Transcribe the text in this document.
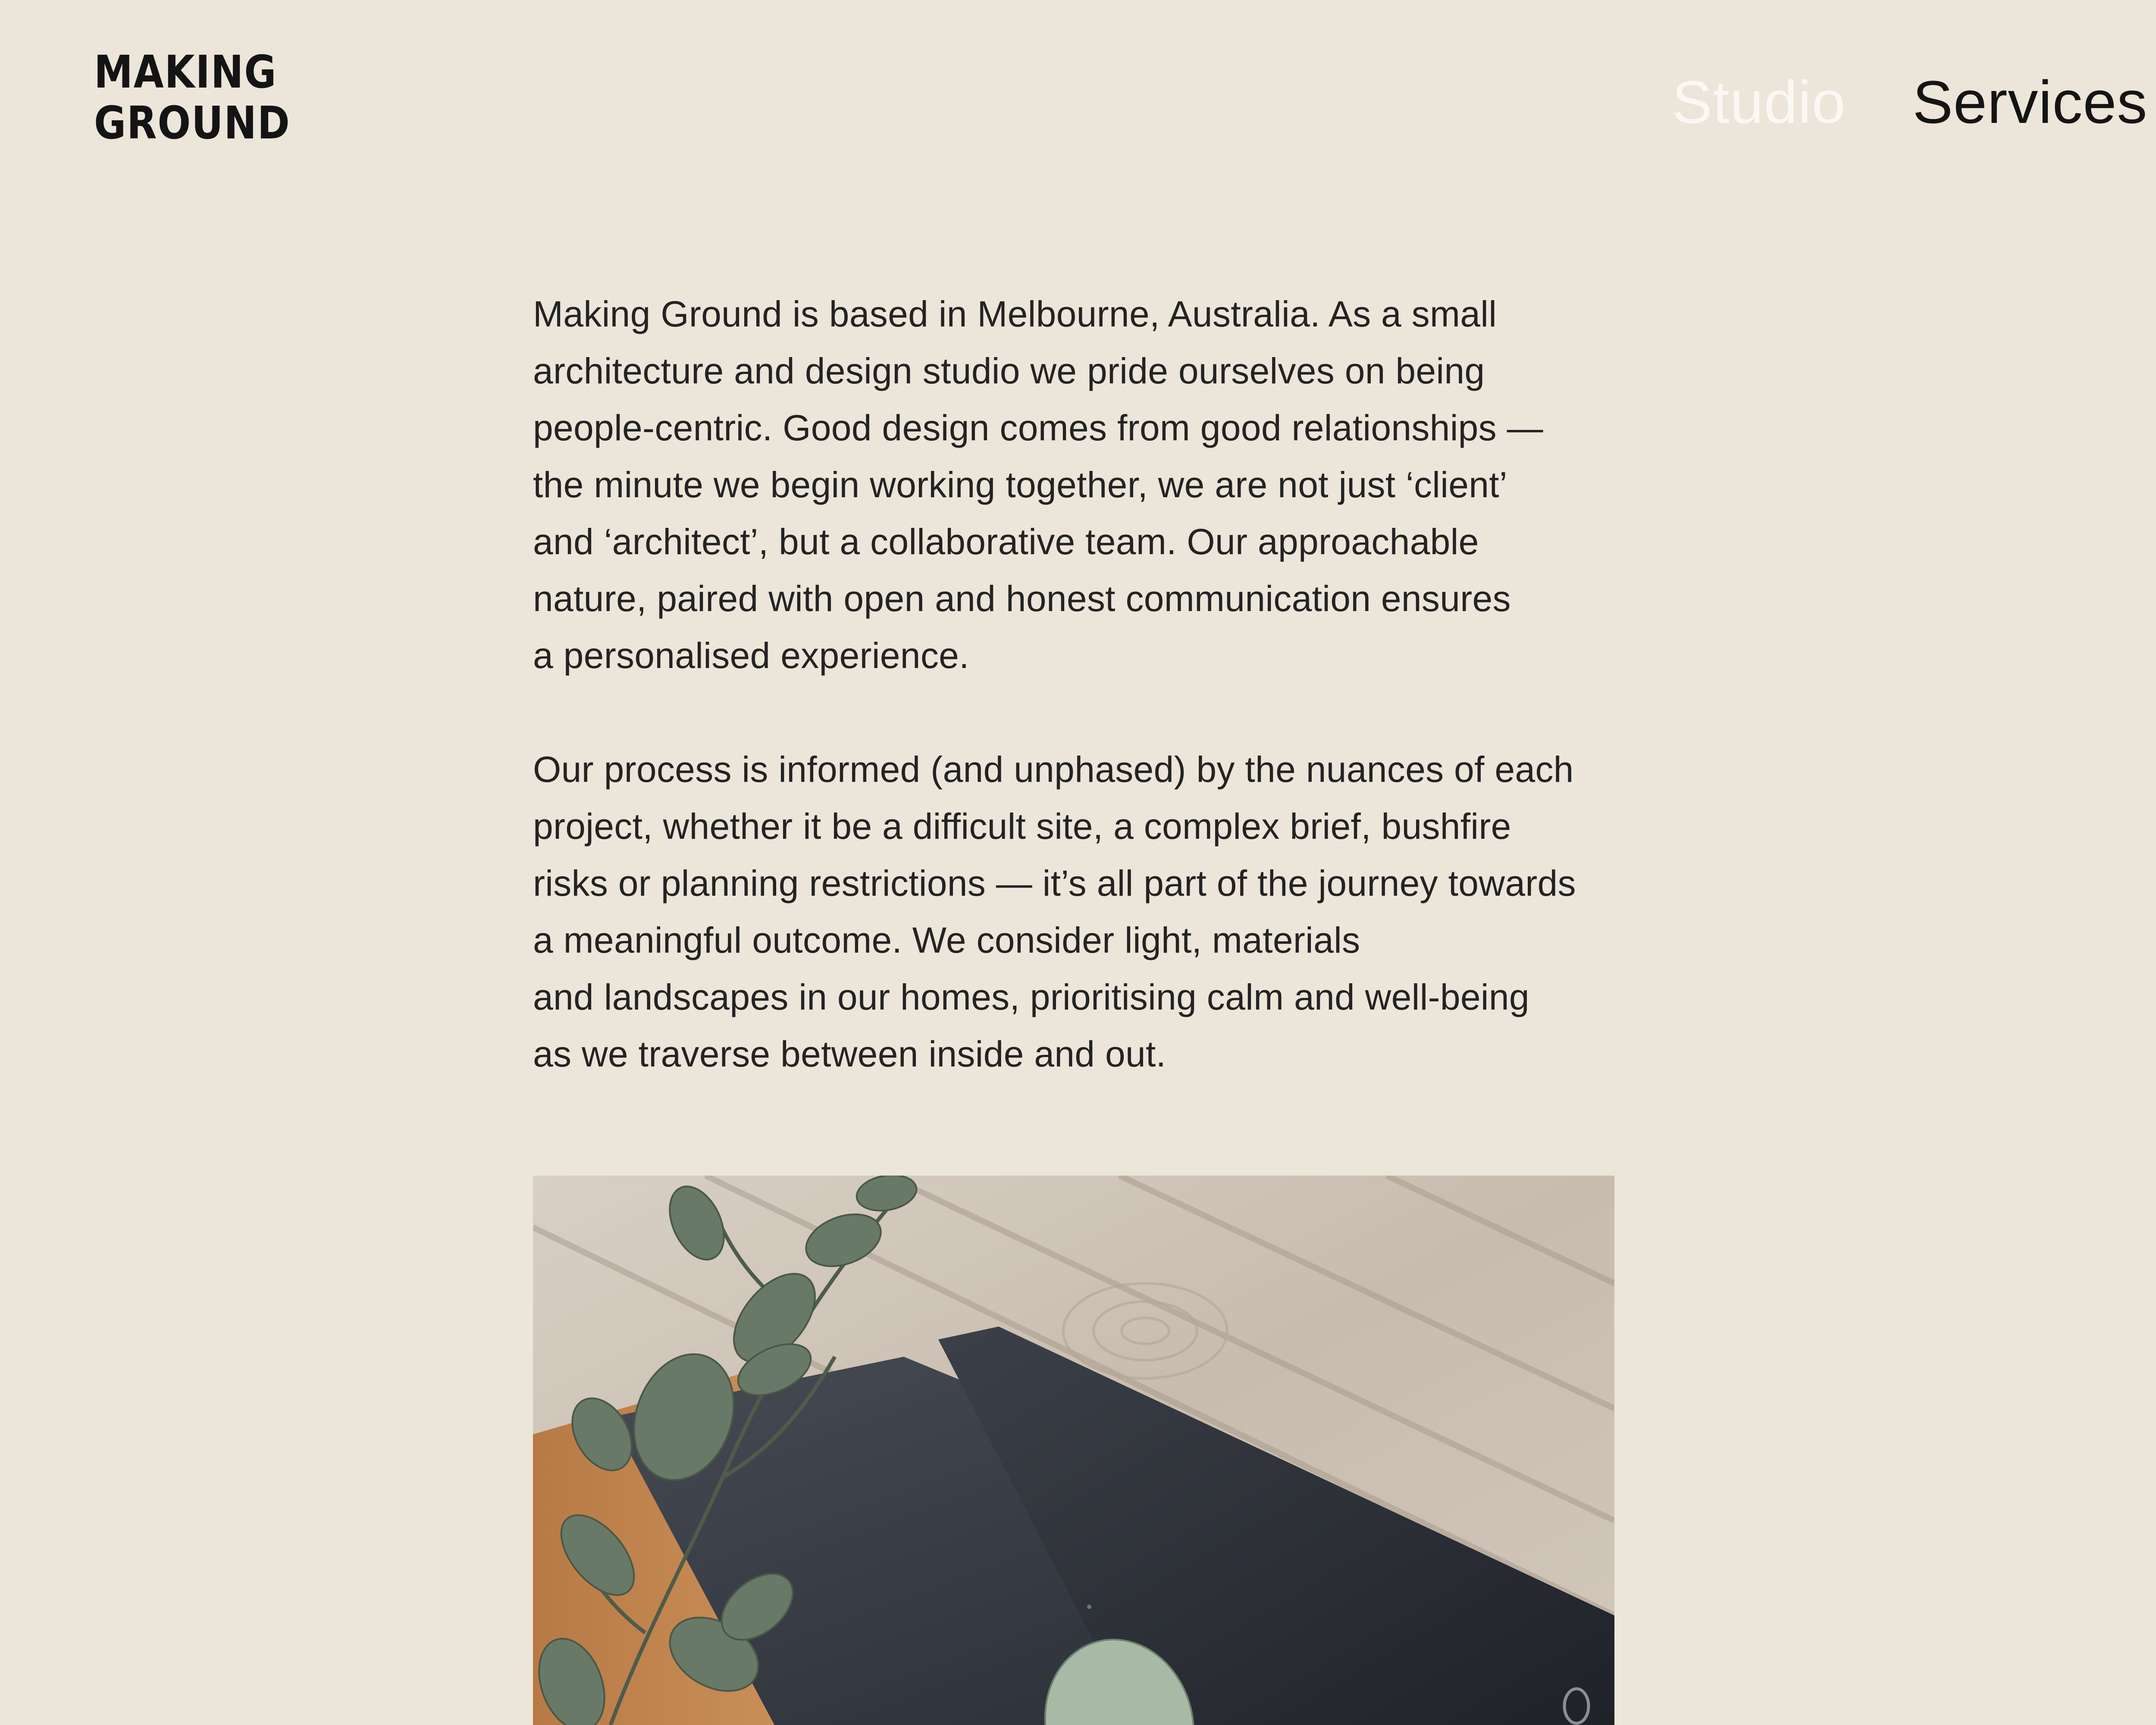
MAKING
GROUND	Studio Services

Making Ground is based in Melbourne, Australia. As a small
architecture and design studio we pride ourselves on being
people-centric. Good design comes from good relationships —
the minute we begin working together, we are not just ‘client’
and ‘architect’, but a collaborative team. Our approachable
nature, paired with open and honest communication ensures
a personalised experience.

Our process is informed (and unphased) by the nuances of each
project, whether it be a difficult site, a complex brief, bushfire
risks or planning restrictions — it’s all part of the journey towards
a meaningful outcome. We consider light, materials
and landscapes in our homes, prioritising calm and well-being
as we traverse between inside and out.
